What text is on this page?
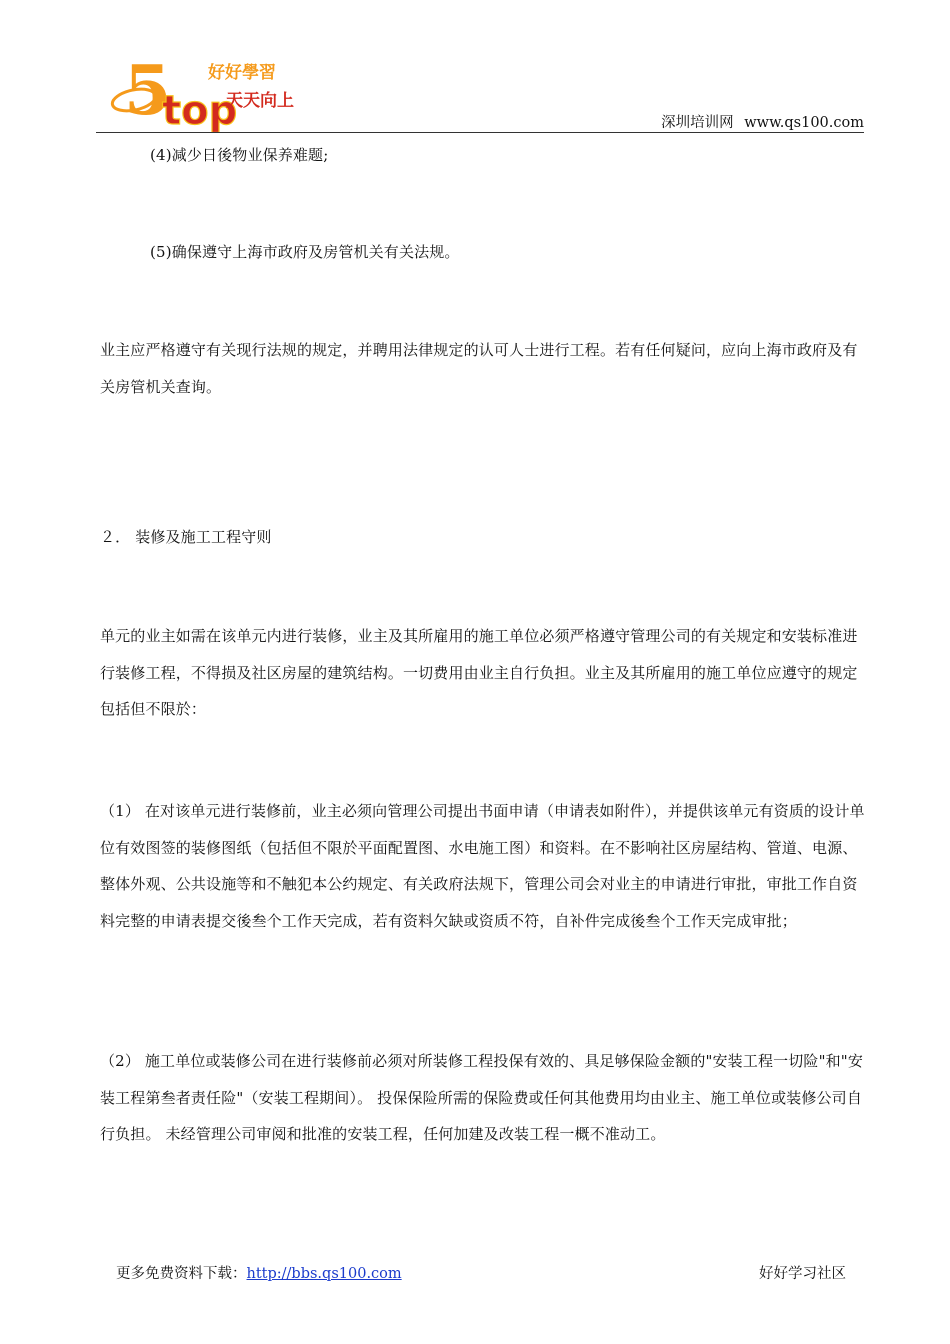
5
top
好好學習
天天向上
深圳培训网 www.qs100.com
(4)减少日後物业保养难题;
(5)确保遵守上海市政府及房管机关有关法规。
业主应严格遵守有关现行法规的规定，并聘用法律规定的认可人士进行工程。若有任何疑问，应向上海市政府及有关房管机关查询。
２． 装修及施工工程守则
单元的业主如需在该单元内进行装修，业主及其所雇用的施工单位必须严格遵守管理公司的有关规定和安装标准进行装修工程，不得损及社区房屋的建筑结构。一切费用由业主自行负担。业主及其所雇用的施工单位应遵守的规定包括但不限於：
（1） 在对该单元进行装修前，业主必须向管理公司提出书面申请（申请表如附件），并提供该单元有资质的设计单位有效图签的装修图纸（包括但不限於平面配置图、水电施工图）和资料。在不影响社区房屋结构、管道、电源、整体外观、公共设施等和不触犯本公约规定、有关政府法规下，管理公司会对业主的申请进行审批，审批工作自资料完整的申请表提交後叁个工作天完成，若有资料欠缺或资质不符，自补件完成後叁个工作天完成审批；
（2） 施工单位或装修公司在进行装修前必须对所装修工程投保有效的、具足够保险金额的"安装工程一切险"和"安装工程第叁者责任险"（安装工程期间）。 投保保险所需的保险费或任何其他费用均由业主、施工单位或装修公司自行负担。 未经管理公司审阅和批准的安装工程，任何加建及改装工程一概不准动工。
更多免费资料下载：http://bbs.qs100.com	好好学习社区
